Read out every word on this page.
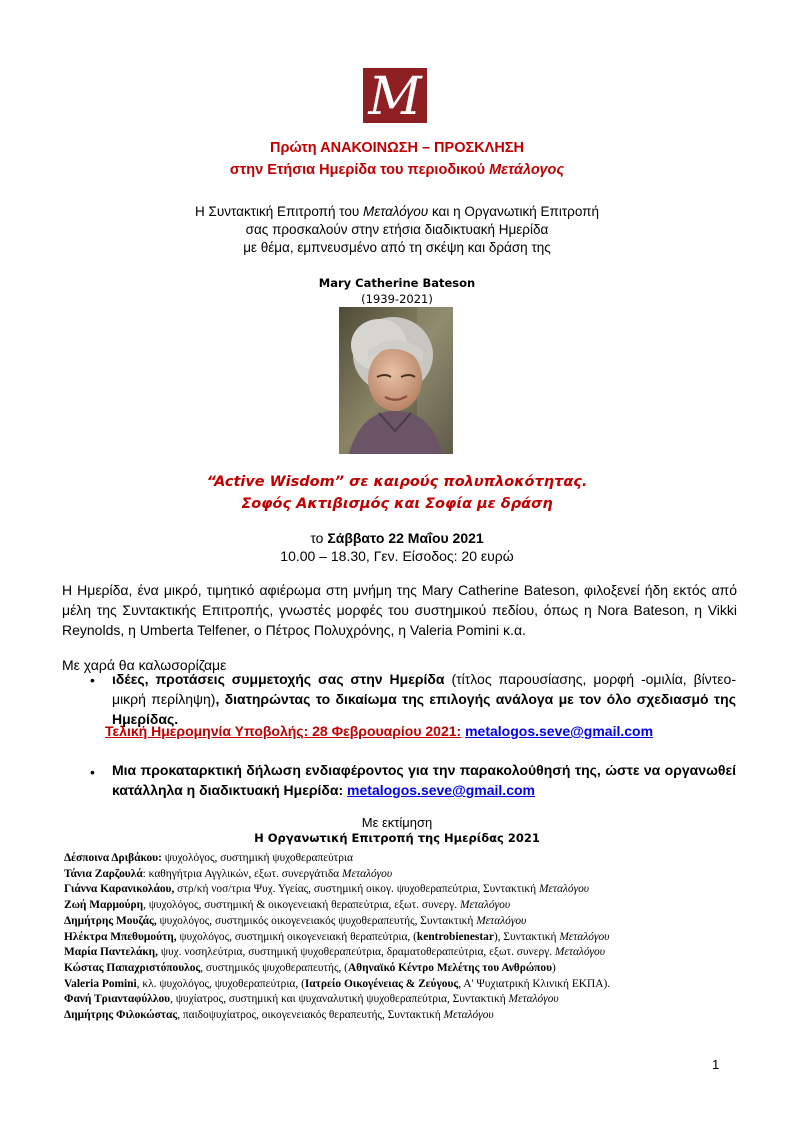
M
Πρώτη ΑΝΑΚΟΙΝΩΣΗ – ΠΡΟΣΚΛΗΣΗ
στην Ετήσια Ημερίδα του περιοδικού Μετάλογος
Η Συντακτική Επιτροπή του Μεταλόγου και η Οργανωτική Επιτροπή
σας προσκαλούν στην ετήσια διαδικτυακή Ημερίδα
με θέμα, εμπνευσμένο από τη σκέψη και δράση της
Mary Catherine Bateson
(1939-2021)
“Active Wisdom” σε καιρούς πολυπλοκότητας.
Σοφός Ακτιβισμός και Σοφία με δράση
το Σάββατο 22 Μαΐου 2021
10.00 – 18.30, Γεν. Είσοδος: 20 ευρώ
Η Ημερίδα, ένα μικρό, τιμητικό αφιέρωμα στη μνήμη της Mary Catherine Bateson, φιλοξενεί ήδη εκτός από μέλη της Συντακτικής Επιτροπής, γνωστές μορφές του συστημικού πεδίου, όπως η Nora Bateson, η Vikki Reynolds, η Umberta Telfener, ο Πέτρος Πολυχρόνης, η Valeria Pomini κ.α.
Με χαρά θα καλωσορίζαμε
• ιδέες, προτάσεις συμμετοχής σας στην Ημερίδα (τίτλος παρουσίασης, μορφή -ομιλία, βίντεο- μικρή περίληψη), διατηρώντας το δικαίωμα της επιλογής ανάλογα με τον όλο σχεδιασμό της Ημερίδας.
Τελική Ημερομηνία Υποβολής: 28 Φεβρουαρίου 2021: metalogos.seve@gmail.com
• Μια προκαταρκτική δήλωση ενδιαφέροντος για την παρακολούθησή της, ώστε να οργανωθεί κατάλληλα η διαδικτυακή Ημερίδα: metalogos.seve@gmail.com
Με εκτίμηση
Η Οργανωτική Επιτροπή της Ημερίδας 2021
Δέσποινα Δριβάκου: ψυχολόγος, συστημική ψυχοθεραπεύτρια
Τάνια Ζαρζουλά: καθηγήτρια Αγγλικών, εξωτ. συνεργάτιδα Μεταλόγου
Γιάννα Καρανικολάου, στρ/κή νοσ/τρια Ψυχ. Υγείας, συστημική οικογ. ψυχοθεραπεύτρια, Συντακτική Μεταλόγου
Ζωή Μαρμούρη, ψυχολόγος, συστημική & οικογενειακή θεραπεύτρια, εξωτ. συνεργ. Μεταλόγου
Δημήτρης Μουζάς, ψυχολόγος, συστημικός οικογενειακός ψυχοθεραπευτής, Συντακτική Μεταλόγου
Ηλέκτρα Μπεθυμούτη, ψυχολόγος, συστημική οικογενειακή θεραπεύτρια, (kentrobienestar), Συντακτική Μεταλόγου
Μαρία Παντελάκη, ψυχ. νοσηλεύτρια, συστημική ψυχοθεραπεύτρια, δραματοθεραπεύτρια, εξωτ. συνεργ. Μεταλόγου
Κώστας Παπαχριστόπουλος, συστημικός ψυχοθεραπευτής, (Αθηναϊκό Κέντρο Μελέτης του Ανθρώπου)
Valeria Pomini, κλ. ψυχολόγος, ψυχοθεραπεύτρια, (Ιατρείο Οικογένειας & Ζεύγους, Α' Ψυχιατρική Κλινική ΕΚΠΑ).
Φανή Τριανταφύλλου, ψυχίατρος, συστημική και ψυχαναλυτική ψυχοθεραπεύτρια, Συντακτική Μεταλόγου
Δημήτρης Φιλοκώστας, παιδοψυχίατρος, οικογενειακός θεραπευτής, Συντακτική Μεταλόγου
1
